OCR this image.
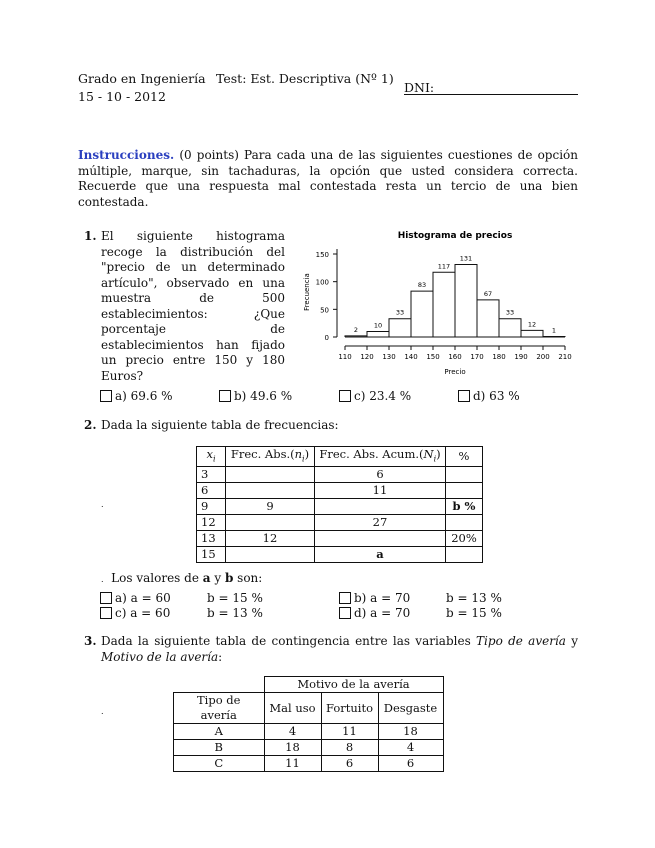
Grado en Ingeniería
15 - 10 - 2012
Test: Est. Descriptiva (Nº 1)
DNI:
Instrucciones. (0 points) Para cada una de las siguientes cuestiones de opción múltiple, marque, sin tachaduras, la opción que usted considera correcta. Recuerde que una respuesta mal contestada resta un tercio de una bien contestada.
1. El siguiente histograma recoge la distribución del "precio de un determinado artículo", observado en una muestra de 500 establecimientos: ¿Que porcentaje de establecimientos han fijado un precio entre 150 y 180 Euros?
Histograma de precios
Frecuencia
Precio
0
50
100
150
110 120 130 140 150 160 170 180 190 200 210
2
10
33
83
117
131
67
33
12
1
a) 69.6 %	b) 49.6 %	c) 23.4 %	d) 63 %
2. Dada la siguiente tabla de frecuencias:
$x_i$	Frec. $Abs.(n_i)$	Frec. Abs. $Acum.(N_i)$	%
3		6	
6		11	
9	9		b %
12		27	
13	12		20%
15		a	
.
.  Los valores de a y b son:
a) a = 60	b = 15 %	b) a = 70	b = 13 %
c) a = 60	b = 13 %	d) a = 70	b = 15 %
3. Dada la siguiente tabla de contingencia entre las variables Tipo de avería y Motivo de la avería:
.
	Motivo de la avería		
Tipo de avería	Mal uso	Fortuito	Desgaste
A	4	11	18
B	18	8	4
C	11	6	6
